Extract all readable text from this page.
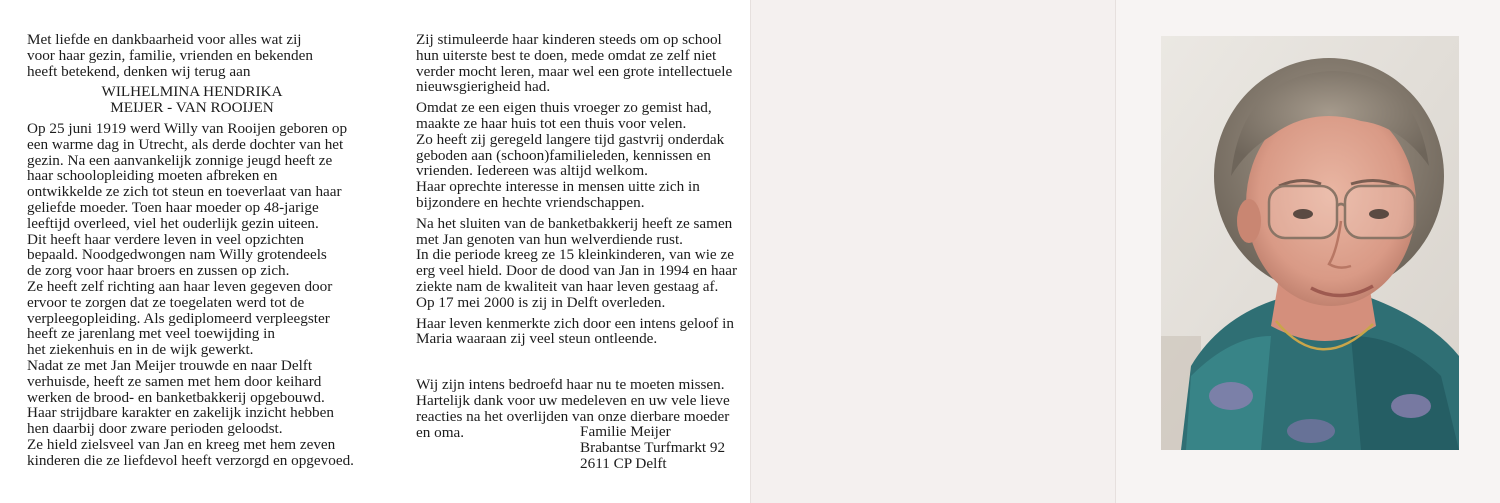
Met liefde en dankbaarheid voor alles wat zij
voor haar gezin, familie, vrienden en bekenden
heeft betekend, denken wij terug aan
WILHELMINA HENDRIKA
MEIJER - VAN ROOIJEN
Op 25 juni 1919 werd Willy van Rooijen geboren op
een warme dag in Utrecht, als derde dochter van het
gezin. Na een aanvankelijk zonnige jeugd heeft ze
haar schoolopleiding moeten afbreken en
ontwikkelde ze zich tot steun en toeverlaat van haar
geliefde moeder. Toen haar moeder op 48-jarige
leeftijd overleed, viel het ouderlijk gezin uiteen.
Dit heeft haar verdere leven in veel opzichten
bepaald. Noodgedwongen nam Willy grotendeels
de zorg voor haar broers en zussen op zich.
Ze heeft zelf richting aan haar leven gegeven door
ervoor te zorgen dat ze toegelaten werd tot de
verpleegopleiding. Als gediplomeerd verpleegster
heeft ze jarenlang met veel toewijding in
het ziekenhuis en in de wijk gewerkt.
Nadat ze met Jan Meijer trouwde en naar Delft
verhuisde, heeft ze samen met hem door keihard
werken de brood- en banketbakkerij opgebouwd.
Haar strijdbare karakter en zakelijk inzicht hebben
hen daarbij door zware perioden geloodst.
Ze hield zielsveel van Jan en kreeg met hem zeven
kinderen die ze liefdevol heeft verzorgd en opgevoed.
Zij stimuleerde haar kinderen steeds om op school
hun uiterste best te doen, mede omdat ze zelf niet
verder mocht leren, maar wel een grote intellectuele
nieuwsgierigheid had.
Omdat ze een eigen thuis vroeger zo gemist had,
maakte ze haar huis tot een thuis voor velen.
Zo heeft zij geregeld langere tijd gastvrij onderdak
geboden aan (schoon)familieleden, kennissen en
vrienden. Iedereen was altijd welkom.
Haar oprechte interesse in mensen uitte zich in
bijzondere en hechte vriendschappen.
Na het sluiten van de banketbakkerij heeft ze samen
met Jan genoten van hun welverdiende rust.
In die periode kreeg ze 15 kleinkinderen, van wie ze
erg veel hield. Door de dood van Jan in 1994 en haar
ziekte nam de kwaliteit van haar leven gestaag af.
Op 17 mei 2000 is zij in Delft overleden.
Haar leven kenmerkte zich door een intens geloof in
Maria waaraan zij veel steun ontleende.
Wij zijn intens bedroefd haar nu te moeten missen.
Hartelijk dank voor uw medeleven en uw vele lieve
reacties na het overlijden van onze dierbare moeder
en oma.	Familie Meijer
Brabantse Turfmarkt 92
2611 CP Delft
